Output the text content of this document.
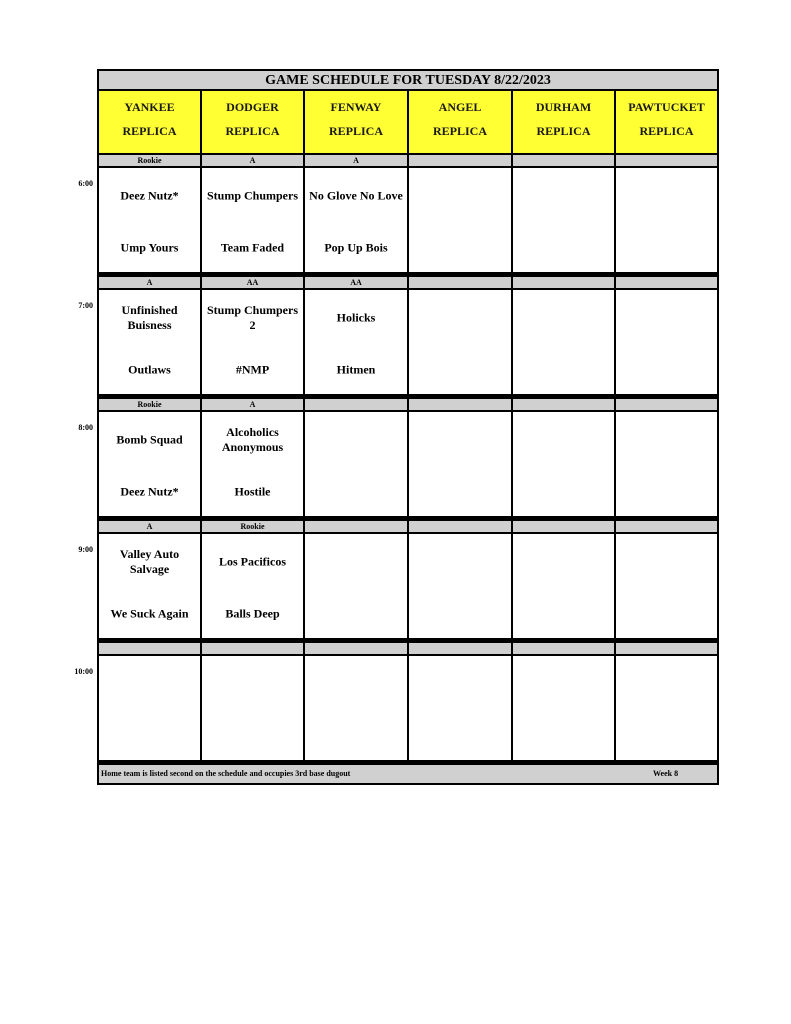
6:00
7:00
8:00
9:00
10:00
GAME SCHEDULE FOR TUESDAY 8/22/2023
Home team is listed second on the schedule and occupies 3rd base dugout	Week 8
YANKEE
REPLICA
DODGER
REPLICA
FENWAY
REPLICA
ANGEL
REPLICA
DURHAM
REPLICA
PAWTUCKET
REPLICA
Rookie
Deez Nutz*
Ump Yours
A
Stump Chumpers
Team Faded
A
No Glove No Love
Pop Up Bois
A
Unfinished
Buisness
Outlaws
AA
Stump Chumpers
2
#NMP
AA
Holicks
Hitmen
Rookie
Bomb Squad
Deez Nutz*
A
Alcoholics
Anonymous
Hostile
A
Valley Auto
Salvage
We Suck Again
Rookie
Los Pacificos
Balls Deep
